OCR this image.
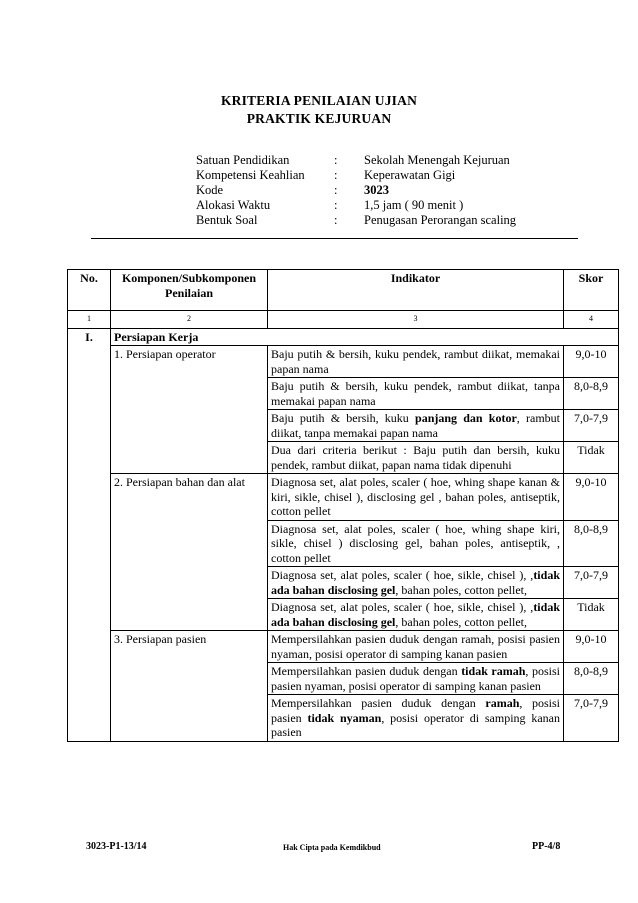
KRITERIA PENILAIAN UJIAN
PRAKTIK KEJURUAN
Satuan Pendidikan	:	Sekolah Menengah Kejuruan
Kompetensi Keahlian	:	Keperawatan Gigi
Kode	:	3023
Alokasi Waktu	:	1,5 jam ( 90 menit )
Bentuk Soal	:	Penugasan Perorangan scaling
No.	Komponen/Subkomponen Penilaian	Indikator	Skor
1	2	3	4
I.	Persiapan Kerja		
	1. Persiapan operator	Baju putih & bersih, kuku pendek, rambut diikat, memakai papan nama	9,0-10
		Baju putih & bersih, kuku pendek, rambut diikat, tanpa memakai papan nama	8,0-8,9
		Baju putih & bersih, kuku panjang dan kotor, rambut diikat, tanpa memakai papan nama	7,0-7,9
		Dua dari criteria berikut : Baju putih dan bersih, kuku pendek, rambut diikat, papan nama tidak dipenuhi	Tidak
	2. Persiapan bahan dan alat	Diagnosa set, alat poles, scaler ( hoe, whing shape kanan & kiri, sikle, chisel ), disclosing gel , bahan poles, antiseptik, cotton pellet	9,0-10
		Diagnosa set, alat poles, scaler ( hoe, whing shape kiri, sikle, chisel ) disclosing gel, bahan poles, antiseptik, , cotton pellet	8,0-8,9
		Diagnosa set, alat poles, scaler ( hoe, sikle, chisel ), ,tidak ada bahan disclosing gel, bahan poles, cotton pellet,	7,0-7,9
		Diagnosa set, alat poles, scaler ( hoe, sikle, chisel ), ,tidak ada bahan disclosing gel, bahan poles, cotton pellet,	Tidak
	3. Persiapan pasien	Mempersilahkan pasien duduk dengan ramah, posisi pasien nyaman, posisi operator di samping kanan pasien	9,0-10
		Mempersilahkan pasien duduk dengan tidak ramah, posisi pasien nyaman, posisi operator di samping kanan pasien	8,0-8,9
		Mempersilahkan pasien duduk dengan ramah, posisi pasien tidak nyaman, posisi operator di samping kanan pasien	7,0-7,9
3023-P1-13/14	Hak Cipta pada Kemdikbud	PP-4/8
